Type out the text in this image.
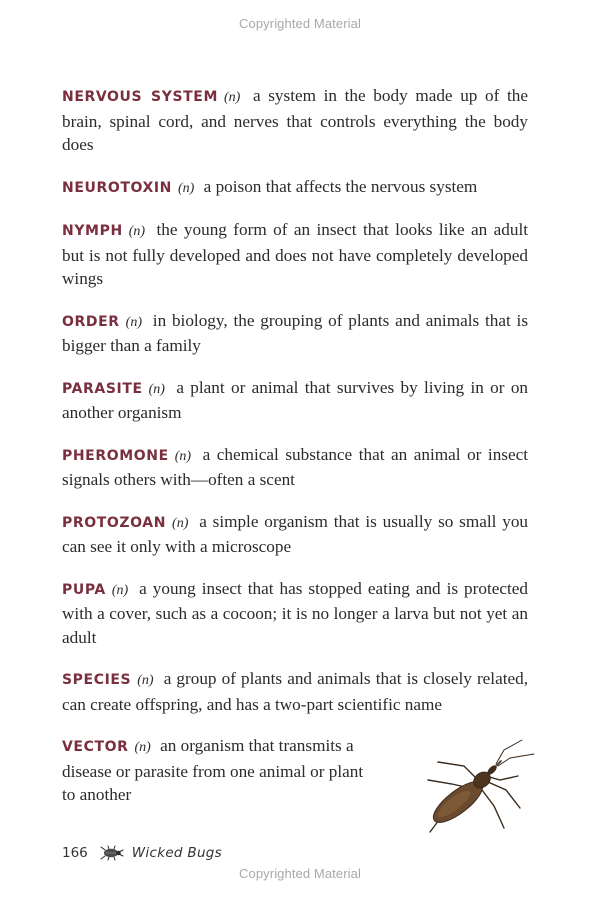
Copyrighted Material

NERVOUS SYSTEM (n) a system in the body made up of the brain, spinal cord, and nerves that controls everything the body does

NEUROTOXIN (n) a poison that affects the nervous system

NYMPH (n) the young form of an insect that looks like an adult but is not fully developed and does not have completely developed wings

ORDER (n) in biology, the grouping of plants and animals that is bigger than a family

PARASITE (n) a plant or animal that survives by living in or on another organism

PHEROMONE (n) a chemical substance that an animal or insect signals others with—often a scent

PROTOZOAN (n) a simple organism that is usually so small you can see it only with a microscope

PUPA (n) a young insect that has stopped eating and is protected with a cover, such as a cocoon; it is no longer a larva but not yet an adult

SPECIES (n) a group of plants and animals that is closely related, can create offspring, and has a two-part scientific name

VECTOR (n) an organism that transmits a disease or parasite from one animal or plant to another

166	Wicked Bugs
Copyrighted Material
